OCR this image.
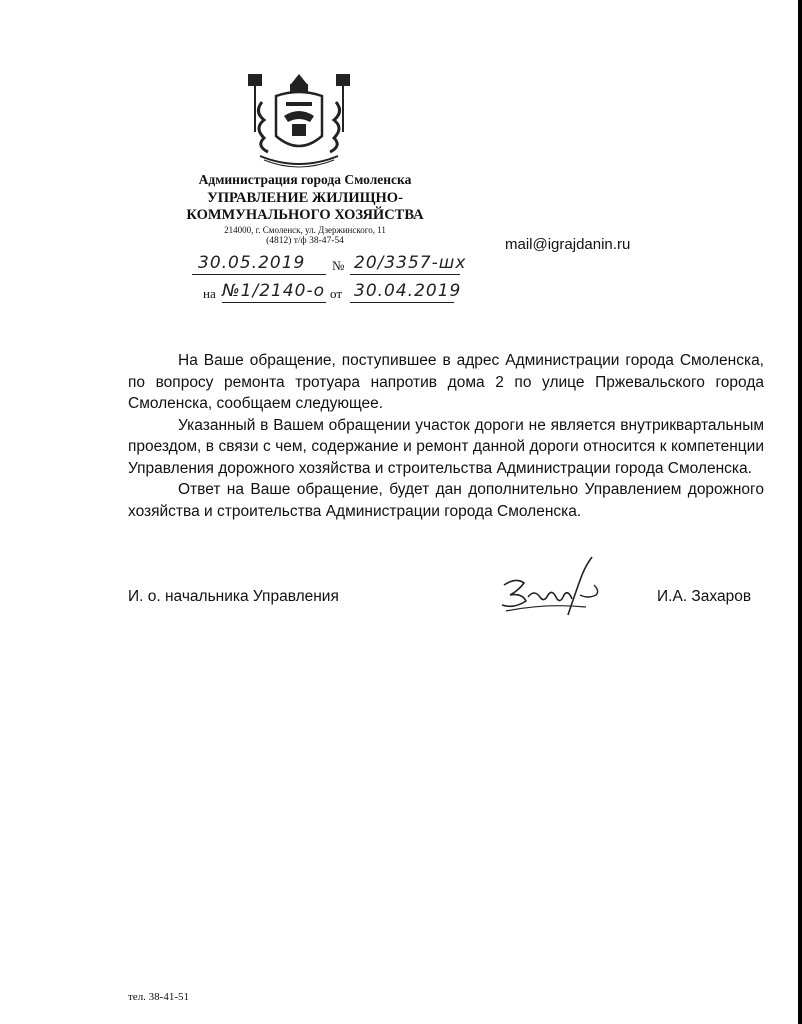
Администрация города Смоленска
УПРАВЛЕНИЕ ЖИЛИЩНО-
КОММУНАЛЬНОГО ХОЗЯЙСТВА
214000, г. Смоленск, ул. Дзержинского, 11
(4812) т/ф 38-47-54	mail@igrajdanin.ru
30.05.2019 № 20/3357-шх
на №1/2140-о от 30.04.2019

На Ваше обращение, поступившее в адрес Администрации города Смоленска, по вопросу ремонта тротуара напротив дома 2 по улице Пржевальского города Смоленска, сообщаем следующее.

Указанный в Вашем обращении участок дороги не является внутриквартальным проездом, в связи с чем, содержание и ремонт данной дороги относится к компетенции Управления дорожного хозяйства и строительства Администрации города Смоленска.

Ответ на Ваше обращение, будет дан дополнительно Управлением дорожного хозяйства и строительства Администрации города Смоленска.

И. о. начальника Управления	И.А. Захаров
тел. 38-41-51
